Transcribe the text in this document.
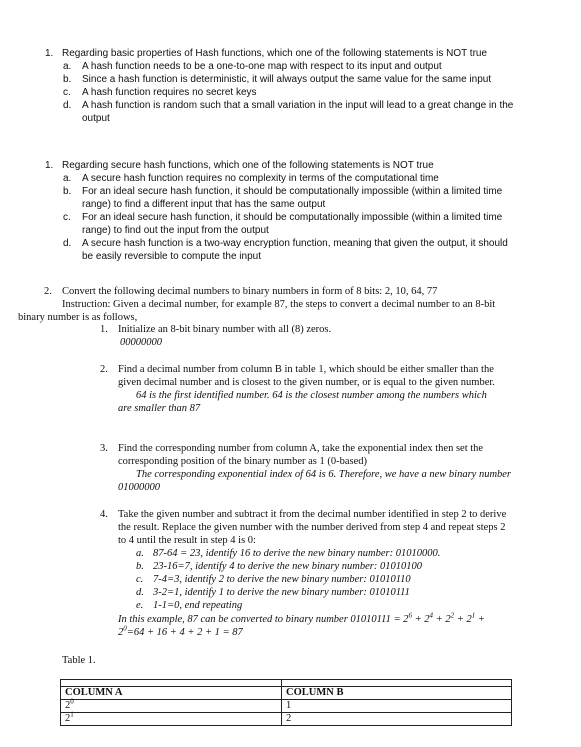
1. Regarding basic properties of Hash functions, which one of the following statements is NOT true
a. A hash function needs to be a one-to-one map with respect to its input and output
b. Since a hash function is deterministic, it will always output the same value for the same input
c. A hash function requires no secret keys
d. A hash function is random such that a small variation in the input will lead to a great change in the output
1. Regarding secure hash functions, which one of the following statements is NOT true
a. A secure hash function requires no complexity in terms of the computational time
b. For an ideal secure hash function, it should be computationally impossible (within a limited time range) to find a different input that has the same output
c. For an ideal secure hash function, it should be computationally impossible (within a limited time range) to find out the input from the output
d. A secure hash function is a two-way encryption function, meaning that given the output, it should be easily reversible to compute the input
2. Convert the following decimal numbers to binary numbers in form of 8 bits: 2, 10, 64, 77
Instruction: Given a decimal number, for example 87, the steps to convert a decimal number to an 8-bit binary number is as follows,
1. Initialize an 8-bit binary number with all (8) zeros.
00000000
2. Find a decimal number from column B in table 1, which should be either smaller than the given decimal number and is closest to the given number, or is equal to the given number.
64 is the first identified number. 64 is the closest number among the numbers which are smaller than 87
3. Find the corresponding number from column A, take the exponential index then set the corresponding position of the binary number as 1 (0-based)
The corresponding exponential index of 64 is 6. Therefore, we have a new binary number 01000000
4. Take the given number and subtract it from the decimal number identified in step 2 to derive the result. Replace the given number with the number derived from step 4 and repeat steps 2 to 4 until the result in step 4 is 0:
a. 87-64 = 23, identify 16 to derive the new binary number: 01010000.
b. 23-16=7, identify 4 to derive the new binary number: 01010100
c. 7-4=3, identify 2 to derive the new binary number: 01010110
d. 3-2=1, identify 1 to derive the new binary number: 01010111
e. 1-1=0, end repeating
In this example, 87 can be converted to binary number $01010111 = 2^6 + 2^4 + 2^2 + 2^1$ +
$2^0=64 + 16 + 4 + 2 + 1 = 87$
Table 1.

COLUMN A	COLUMN B
$2^0$	1
$2^1$	2
